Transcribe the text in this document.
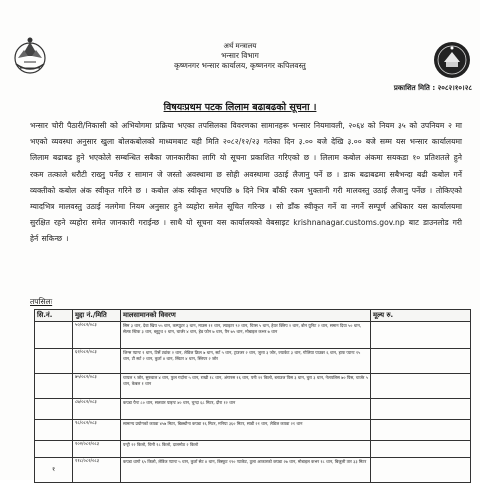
अर्थ मन्त्रालय
भन्सार विभाग
कृष्णनगर भन्सार कार्यालय, कृष्णनगर कपिलवस्तु
प्रकाशित मिति : २०८२।१०।२८
विषयःप्रथम पटक लिलाम बढाबढको सूचना ।
भन्सार चोरी पैठारी/निकासी को अभियोगमा प्रक्रिया भएका तपसिलका विवरणका सामानहरू भन्सार नियमावली, २०६४ को नियम ३५ को उपनियम २ मा भएको व्यवस्था अनुसार खुला बोलकबोलको माध्यमबाट यही मिति २०८२/१२/२३ गतेका दिन ३.०० बजे देखि ३.०० बजे सम्म यस भन्सार कार्यालयमा लिलाम बढाबढ हुने भएकोले सम्बन्धित सबैका जानकारीका लागि यो सूचना प्रकाशित गरिएको छ । लिलाम कबोल अंकमा सयकडा १० प्रतिशतले हुने रकम तत्काले धरौटी राख्नु पर्नेछ र सामान जे जस्तो अवस्थामा छ सोही अवस्थामा उठाई लैजानु पर्ने छ । डाक बढाबढमा सबैभन्दा बढी कबोल गर्ने व्यक्तीको कबोल अंक स्वीकृत गरिने छ । कबोल अंक स्वीकृत भएपछि ७ दिने भित्र बाँकी रकम भुक्तानी गरी मालवस्तु उठाई लैजानु पर्नेछ । तोकिएको म्यादभित्र मालवस्तु उठाई नलगेमा नियम अनुसार हुने व्यहोरा समेत सूचित गरिन्छ । सो डाँक स्वीकृत गर्ने वा नगर्ने सम्पूर्ण अधिकार यस कार्यालयमा सुरक्षित रहने व्यहोरा समेत जानकारी गराईन्छ । साथै यो सूचना यस कार्यालयको वेबसाइट krishnanagar.customs.gov.np बाट डाउनलोड गरी हेर्न सकिन्छ ।
तपसिलः
सि.नं.	मुद्दा नं./मिति	मालसामानको विवरण	मूल्य रु.
	५०/०८२/०८३	सिम ३ थान, देवा खिप ५५ थान, कम्प्युटर ३ थान, माउस ११ थान, ल्याइटर ९२ थान, चिप्स ५ थान, हेयर क्लिप २ थान, बोन युनिट २ थान, समान दिया ५० थान, सेल्फ स्टिक ३ थान, ब्लुटुथ २ थान, चार्जर ४ थान, हेड फोन ७ थान, पैन ७५ थान, मोबाइल कभर ७ थान	
	६२/०८२/०८३	जिन्स प्यान्ट १ थान, टिर्से ट्यांक २ थान, लेडिज फ्रिल ७ थान, सर्ट ५ थान, ट्राउजर २ थान, जुत्ता ३ जोर, ज्याकेट ३ थान, गोलिया पाउडर ६ थान, हाफ प्यान्ट १५ थान, टी सर्ट २ थान, कुर्ता ४ थान, स्विटर ४ थान, स्लिपर २ जोर	
	७५/०८२/०८३	चप्पल ९ जोर, सुरुवाल ४ थान, फुल गर्दाना ५ थान, राखी १८ थान, अंगारस १६ थान, पनी २२ किलो, ब्लाउज पिस ३ थान, चुरा ३ थान, नेलपलिस ७० पिस, चार्जर ५ थान, केबल १ थान	
	८७/०८२/०८३	कपडा पैन्ट ८० थान, सलवार पाइन्ट ४० थान, चुन्दा ६८ मिटर, दौरा १२ थान	
	९८/०८२/०८३	सामान्य प्रयोगको कपडा ४५७ मिटर, बिछ्यौना कपडा १६ मिटर, मनिया ३६० मिटर, साडी २१ थान, लेडिज कपडा २१ थान	
	१०२/०८२/०८३	पन्ट्री २२ किलो, चिनी १८ किलो, दालमोठ २ किलो	
१	११८/०८२/०८३	कपडा धागो ६५ किलो, लेडिज प्यान्ट ५ थान, कुर्ता सेट ४ थान, बिस्कुट १९० प्याकेट, ठूला आकारको कपडा २७ थान, मोबाइल कभर १८ थान, बिजुली तार ३३ मिटर	
